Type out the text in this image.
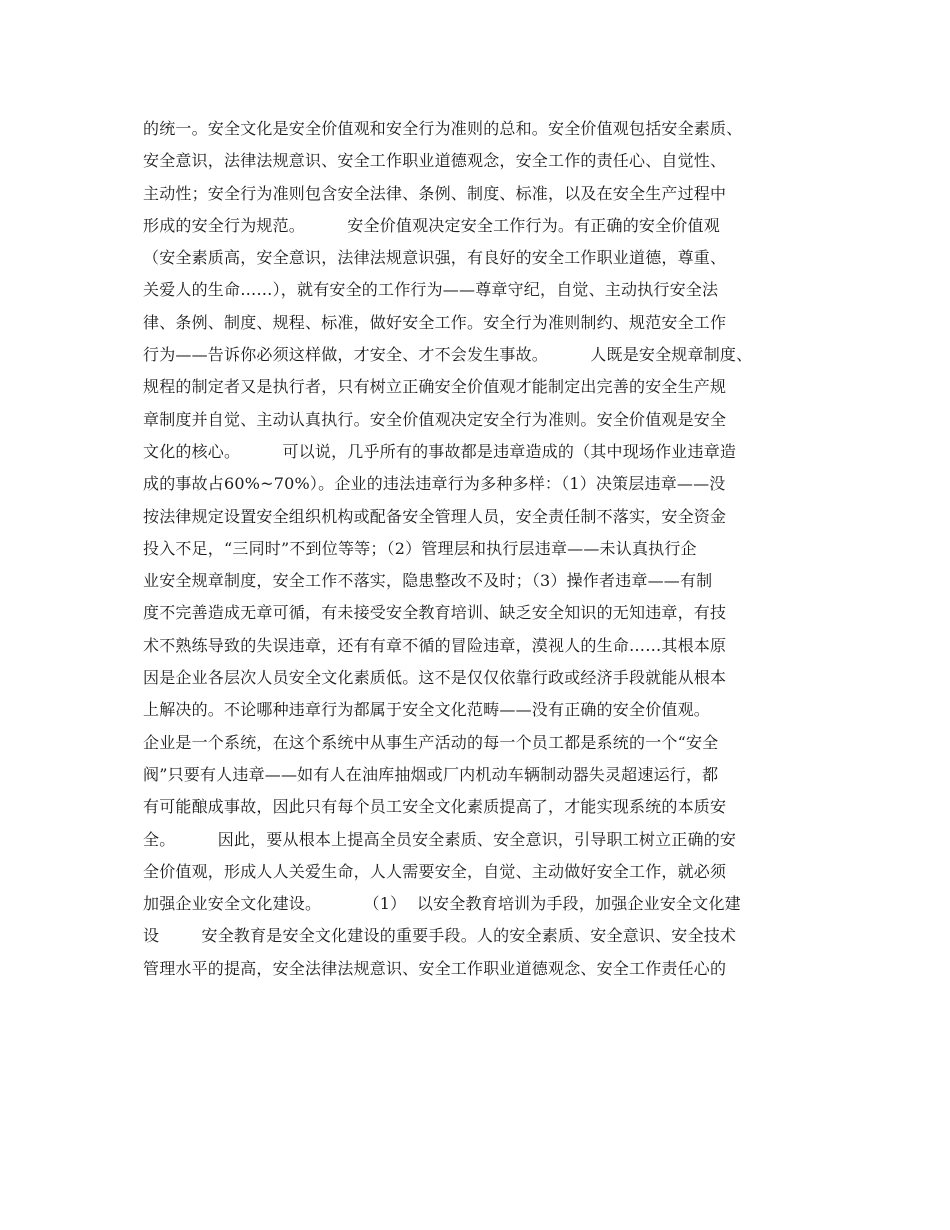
的统一。安全文化是安全价值观和安全行为准则的总和。安全价值观包括安全素质、
安全意识，法律法规意识、安全工作职业道德观念，安全工作的责任心、自觉性、
主动性；安全行为准则包含安全法律、条例、制度、标准，以及在安全生产过程中
形成的安全行为规范。        安全价值观决定安全工作行为。有正确的安全价值观
（安全素质高，安全意识，法律法规意识强，有良好的安全工作职业道德，尊重、
关爱人的生命……），就有安全的工作行为——尊章守纪，自觉、主动执行安全法
律、条例、制度、规程、标准，做好安全工作。安全行为准则制约、规范安全工作
行为——告诉你必须这样做，才安全、才不会发生事故。        人既是安全规章制度、
规程的制定者又是执行者，只有树立正确安全价值观才能制定出完善的安全生产规
章制度并自觉、主动认真执行。安全价值观决定安全行为准则。安全价值观是安全
文化的核心。        可以说，几乎所有的事故都是违章造成的（其中现场作业违章造
成的事故占60%~70%）。企业的违法违章行为多种多样：（1）决策层违章——没
按法律规定设置安全组织机构或配备安全管理人员，安全责任制不落实，安全资金
投入不足，“三同时”不到位等等；（2）管理层和执行层违章——未认真执行企
业安全规章制度，安全工作不落实，隐患整改不及时；（3）操作者违章——有制
度不完善造成无章可循，有未接受安全教育培训、缺乏安全知识的无知违章，有技
术不熟练导致的失误违章，还有有章不循的冒险违章，漠视人的生命……其根本原
因是企业各层次人员安全文化素质低。这不是仅仅依靠行政或经济手段就能从根本
上解决的。不论哪种违章行为都属于安全文化范畴——没有正确的安全价值观。
企业是一个系统，在这个系统中从事生产活动的每一个员工都是系统的一个“安全
阀”只要有人违章——如有人在油库抽烟或厂内机动车辆制动器失灵超速运行，都
有可能酿成事故，因此只有每个员工安全文化素质提高了，才能实现系统的本质安
全。        因此，要从根本上提高全员安全素质、安全意识，引导职工树立正确的安
全价值观，形成人人关爱生命，人人需要安全，自觉、主动做好安全工作，就必须
加强企业安全文化建设。        （1）  以安全教育培训为手段，加强企业安全文化建
设        安全教育是安全文化建设的重要手段。人的安全素质、安全意识、安全技术
管理水平的提高，安全法律法规意识、安全工作职业道德观念、安全工作责任心的
